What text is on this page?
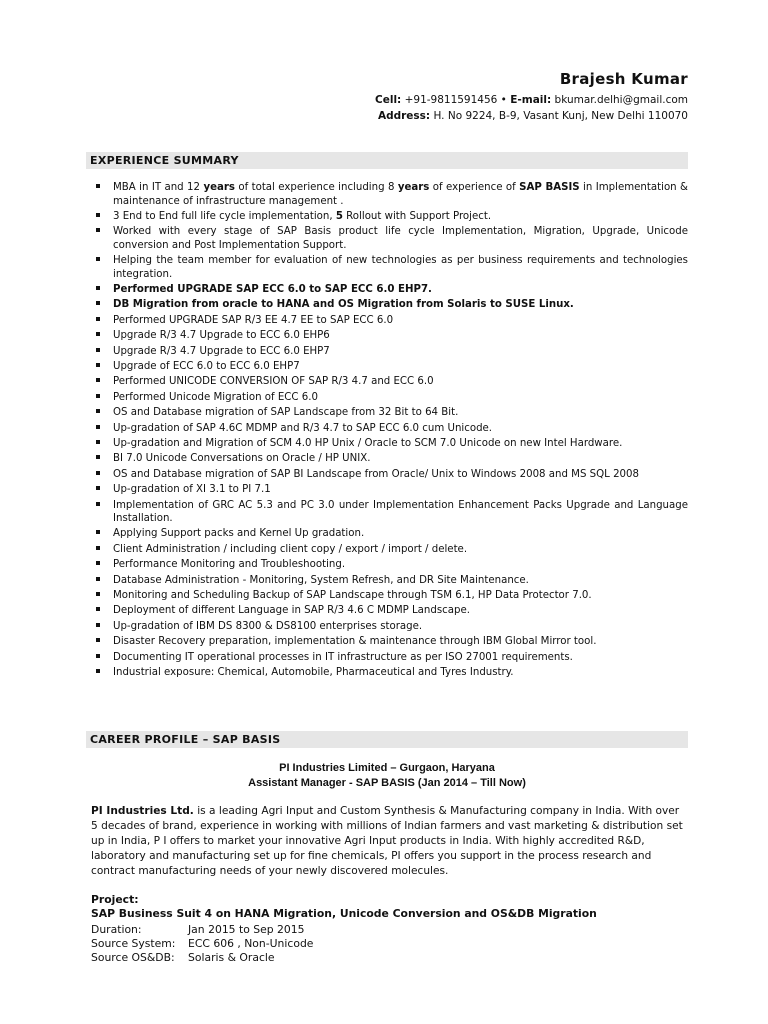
Brajesh Kumar
Cell: +91-9811591456 • E-mail: bkumar.delhi@gmail.com
Address: H. No 9224, B-9, Vasant Kunj, New Delhi 110070
EXPERIENCE SUMMARY
MBA in IT and 12 years of total experience including 8 years of experience of SAP BASIS in Implementation & maintenance of infrastructure management .
3 End to End full life cycle implementation, 5 Rollout with Support Project.
Worked with every stage of SAP Basis product life cycle Implementation, Migration, Upgrade, Unicode conversion and Post Implementation Support.
Helping the team member for evaluation of new technologies as per business requirements and technologies integration.
Performed UPGRADE SAP ECC 6.0 to SAP ECC 6.0 EHP7.
DB Migration from oracle to HANA and OS Migration from Solaris to SUSE Linux.
Performed UPGRADE SAP R/3 EE 4.7 EE to SAP ECC 6.0
Upgrade R/3 4.7 Upgrade to ECC 6.0 EHP6
Upgrade R/3 4.7 Upgrade to ECC 6.0 EHP7
Upgrade of ECC 6.0 to ECC 6.0 EHP7
Performed UNICODE CONVERSION OF SAP R/3 4.7 and ECC 6.0
Performed Unicode Migration of ECC 6.0
OS and Database migration of SAP Landscape from 32 Bit to 64 Bit.
Up-gradation of SAP 4.6C MDMP and R/3 4.7 to SAP ECC 6.0 cum Unicode.
Up-gradation and Migration of SCM 4.0 HP Unix / Oracle to SCM 7.0 Unicode on new Intel Hardware.
BI 7.0 Unicode Conversations on Oracle / HP UNIX.
OS and Database migration of SAP BI Landscape from Oracle/ Unix to Windows 2008 and MS SQL 2008
Up-gradation of XI 3.1 to PI 7.1
Implementation of GRC AC 5.3 and PC 3.0 under Implementation Enhancement Packs Upgrade and Language Installation.
Applying Support packs and Kernel Up gradation.
Client Administration / including client copy / export / import / delete.
Performance Monitoring and Troubleshooting.
Database Administration - Monitoring, System Refresh, and DR Site Maintenance.
Monitoring and Scheduling Backup of SAP Landscape through TSM 6.1, HP Data Protector 7.0.
Deployment of different Language in SAP R/3 4.6 C MDMP Landscape.
Up-gradation of IBM DS 8300 & DS8100 enterprises storage.
Disaster Recovery preparation, implementation & maintenance through IBM Global Mirror tool.
Documenting IT operational processes in IT infrastructure as per ISO 27001 requirements.
Industrial exposure: Chemical, Automobile, Pharmaceutical and Tyres Industry.
CAREER PROFILE – SAP BASIS
PI Industries Limited – Gurgaon, Haryana
Assistant Manager - SAP BASIS (Jan 2014 – Till Now)
PI Industries Ltd. is a leading Agri Input and Custom Synthesis & Manufacturing company in India. With over 5 decades of brand, experience in working with millions of Indian farmers and vast marketing & distribution set up in India, P I offers to market your innovative Agri Input products in India. With highly accredited R&D, laboratory and manufacturing set up for fine chemicals, PI offers you support in the process research and contract manufacturing needs of your newly discovered molecules.
Project:
SAP Business Suit 4 on HANA Migration, Unicode Conversion and OS&DB Migration
Duration:	Jan 2015 to Sep 2015
Source System: ECC 606 , Non-Unicode
Source OS&DB: Solaris & Oracle
